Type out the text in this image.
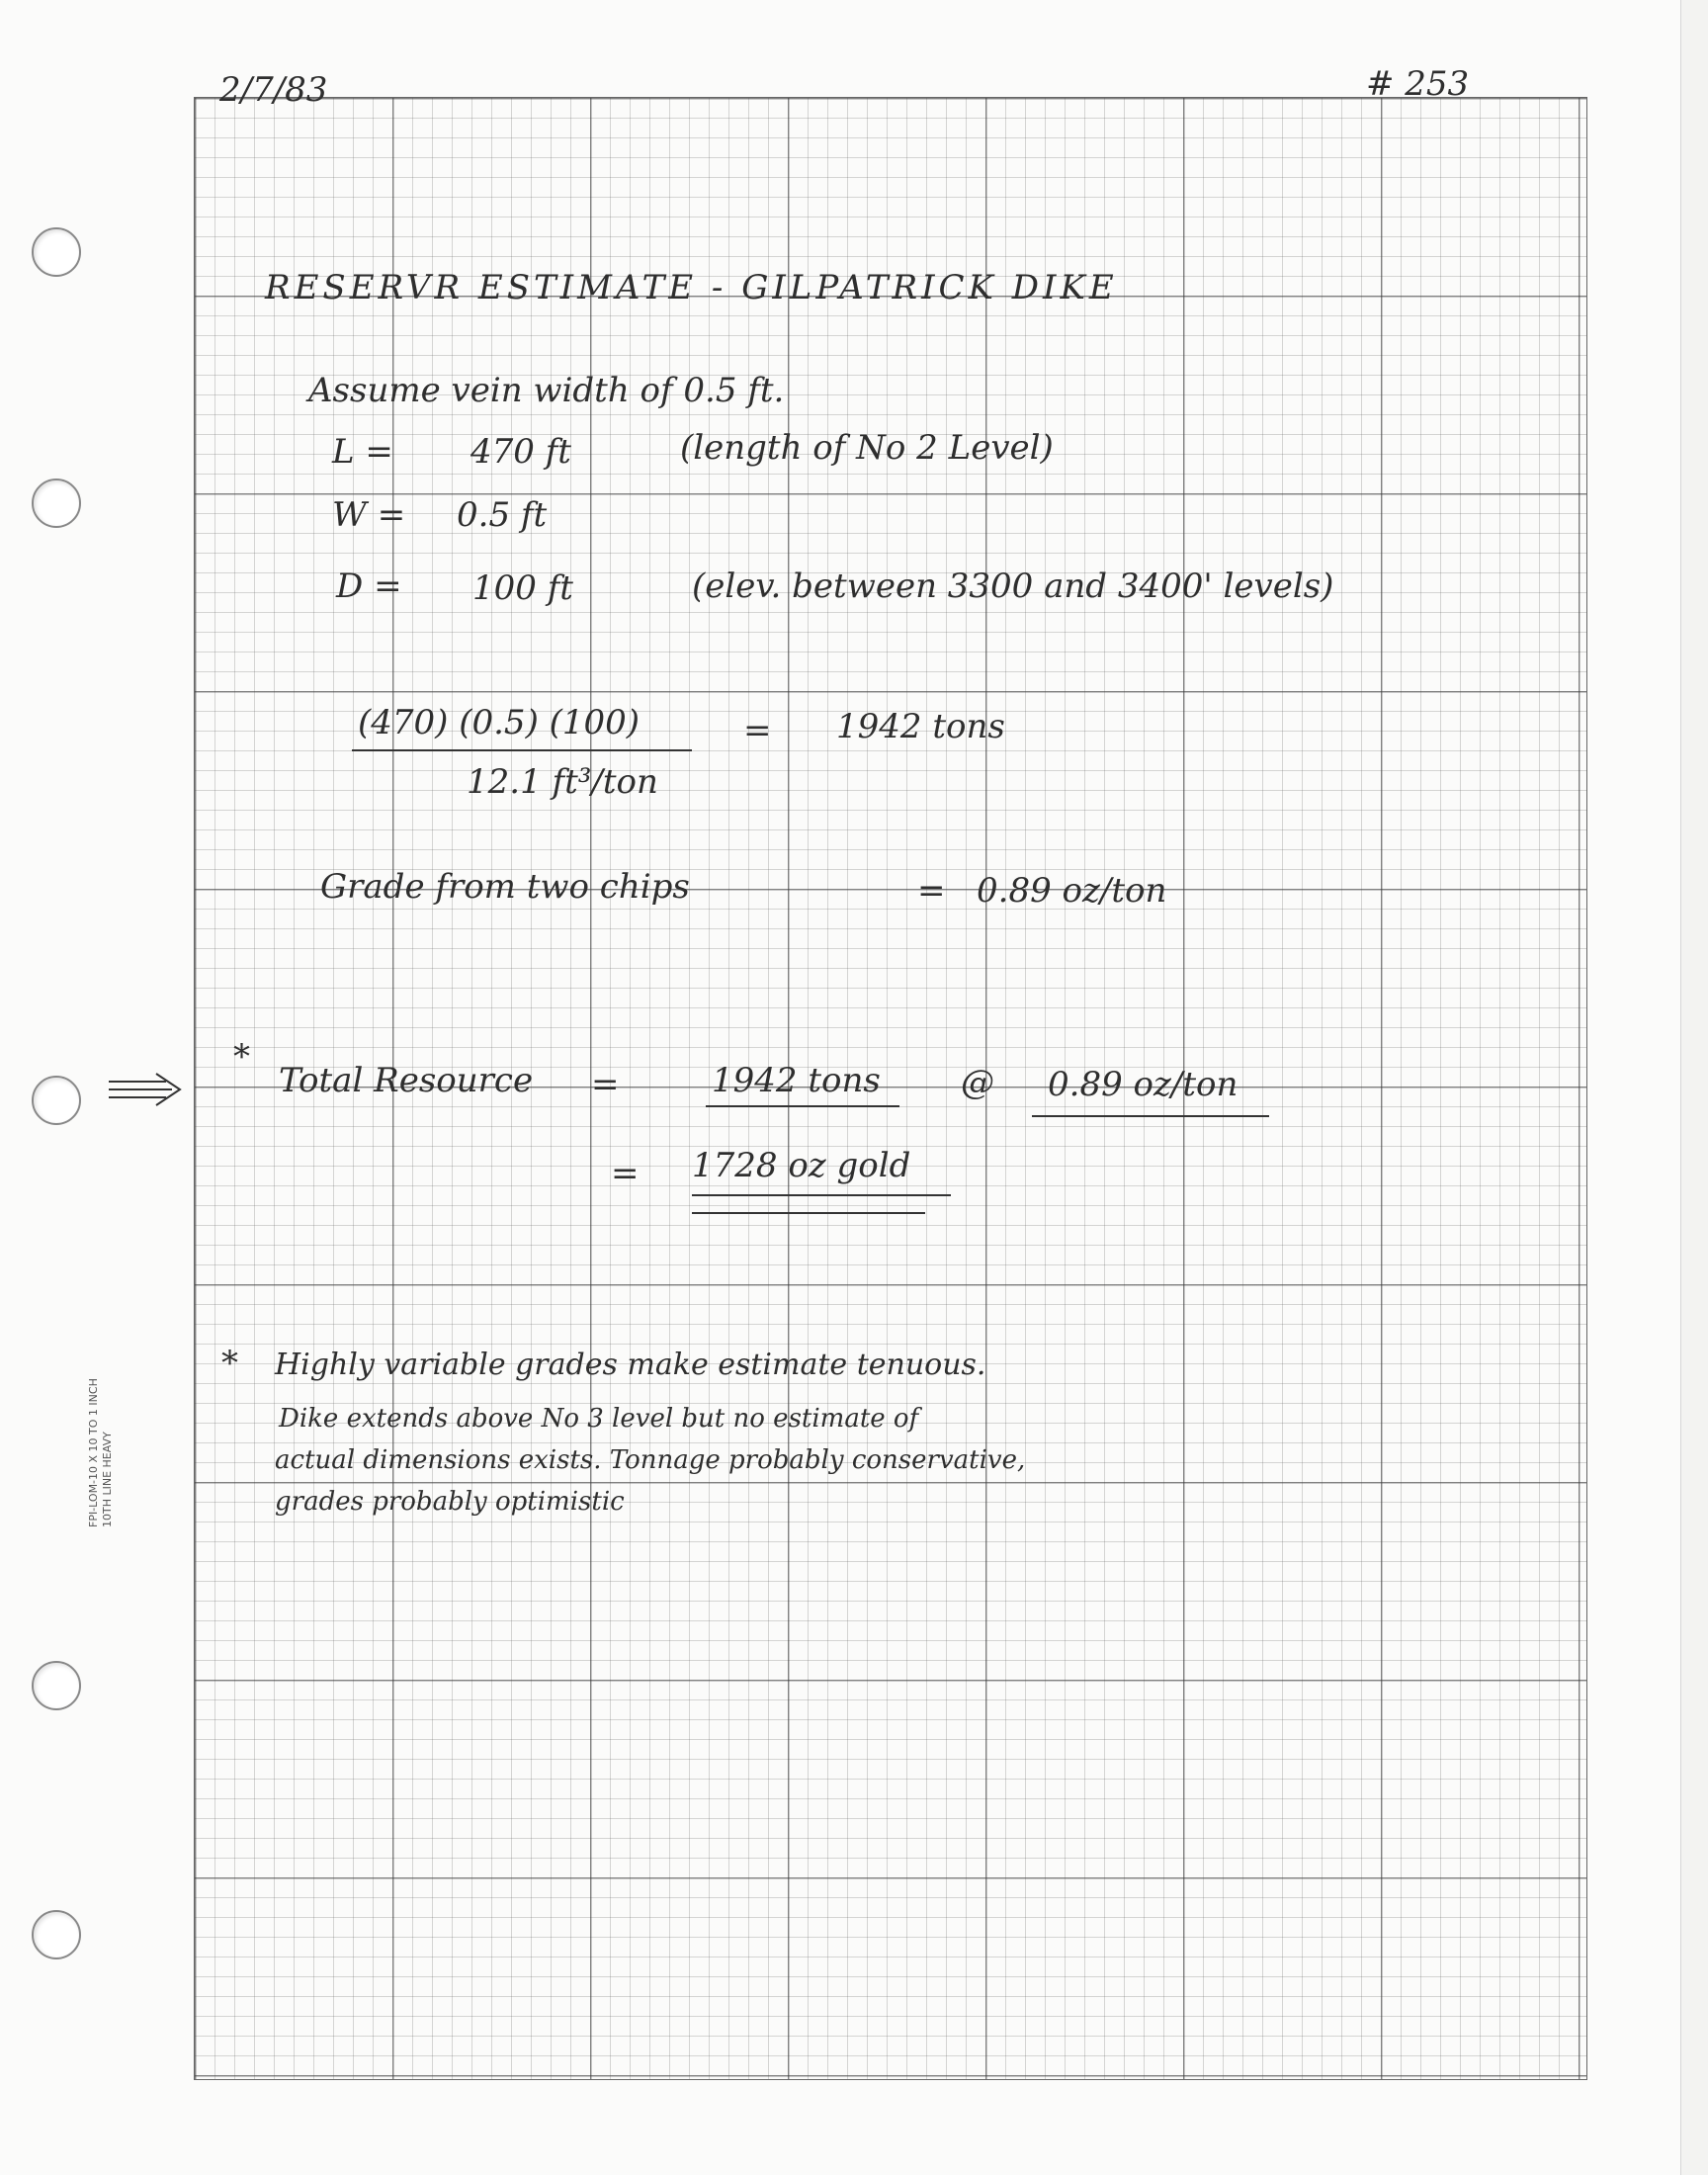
FPI-LOM-10 X 10 TO 1 INCH 10TH LINE HEAVY
2/7/83	# 253
RESERVR ESTIMATE - GILPATRICK DIKE
Assume vein width of 0.5 ft.
L = 470 ft	(length of No 2 Level)
W = 0.5 ft
D = 100 ft	(elev. between 3300 and 3400' levels)
(470) (0.5) (100)
12.1 ft³/ton
= 1942 tons
Grade from two chips	= 0.89 oz/ton
*
Total Resource =	1942 tons @ 0.89 oz/ton
= 1728 oz gold
* Highly variable grades make estimate tenuous.
Dike extends above No 3 level but no estimate of
actual dimensions exists. Tonnage probably conservative,
grades probably optimistic
